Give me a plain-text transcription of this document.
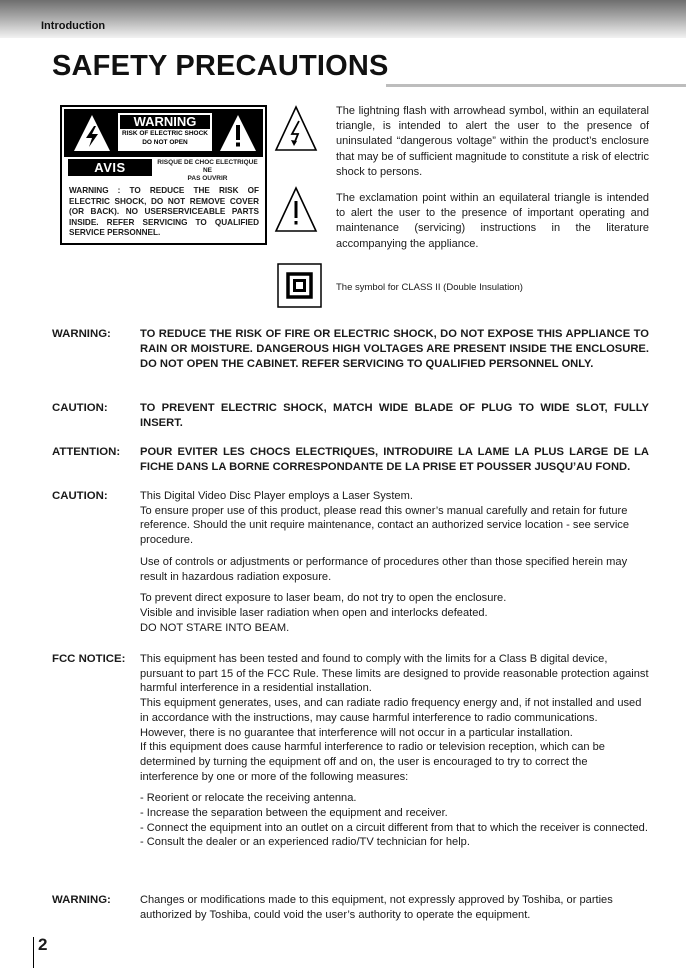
Introduction
SAFETY PRECAUTIONS
WARNING
RISK OF ELECTRIC SHOCK
DO NOT OPEN
AVIS	RISQUE DE CHOC ELECTRIQUE NE
PAS OUVRIR

WARNING : TO REDUCE THE RISK OF ELECTRIC SHOCK, DO NOT REMOVE COVER (OR BACK). NO USERSERVICEABLE PARTS INSIDE. REFER SERVICING TO QUALIFIED SERVICE PERSONNEL.

The lightning flash with arrowhead symbol, within an equilateral triangle, is intended to alert the user to the presence of uninsulated “dangerous voltage” within the product’s enclosure that may be of sufficient magnitude to constitute a risk of electric shock to persons.

The exclamation point within an equilateral triangle is intended to alert the user to the presence of important operating and maintenance (servicing) instructions in the literature accompanying the appliance.

The symbol for CLASS II (Double Insulation)

WARNING:	TO REDUCE THE RISK OF FIRE OR ELECTRIC SHOCK, DO NOT EXPOSE THIS APPLIANCE TO RAIN OR MOISTURE. DANGEROUS HIGH VOLTAGES ARE PRESENT INSIDE THE ENCLOSURE. DO NOT OPEN THE CABINET. REFER SERVICING TO QUALIFIED PERSONNEL ONLY.

CAUTION:	TO PREVENT ELECTRIC SHOCK, MATCH WIDE BLADE OF PLUG TO WIDE SLOT, FULLY INSERT.

ATTENTION: POUR EVITER LES CHOCS ELECTRIQUES, INTRODUIRE LA LAME LA PLUS LARGE DE LA FICHE DANS LA BORNE CORRESPONDANTE DE LA PRISE ET POUSSER JUSQU’AU FOND.

CAUTION:	This Digital Video Disc Player employs a Laser System.

To ensure proper use of this product, please read this owner’s manual carefully and retain for future reference. Should the unit require maintenance, contact an authorized service location - see service procedure.

Use of controls or adjustments or performance of procedures other than those specified herein may result in hazardous radiation exposure.

To prevent direct exposure to laser beam, do not try to open the enclosure.

Visible and invisible laser radiation when open and interlocks defeated.

DO NOT STARE INTO BEAM.

FCC NOTICE: This equipment has been tested and found to comply with the limits for a Class B digital device, pursuant to part 15 of the FCC Rule. These limits are designed to provide reasonable protection against harmful interference in a residential installation.

This equipment generates, uses, and can radiate radio frequency energy and, if not installed and used in accordance with the instructions, may cause harmful interference to radio communications.

However, there is no guarantee that interference will not occur in a particular installation.

If this equipment does cause harmful interference to radio or television reception, which can be determined by turning the equipment off and on, the user is encouraged to try to correct the interference by one or more of the following measures:

- Reorient or relocate the receiving antenna.

- Increase the separation between the equipment and receiver.

- Connect the equipment into an outlet on a circuit different from that to which the receiver is connected.

- Consult the dealer or an experienced radio/TV technician for help.

WARNING:	Changes or modifications made to this equipment, not expressly approved by Toshiba, or parties authorized by Toshiba, could void the user’s authority to operate the equipment.

2
